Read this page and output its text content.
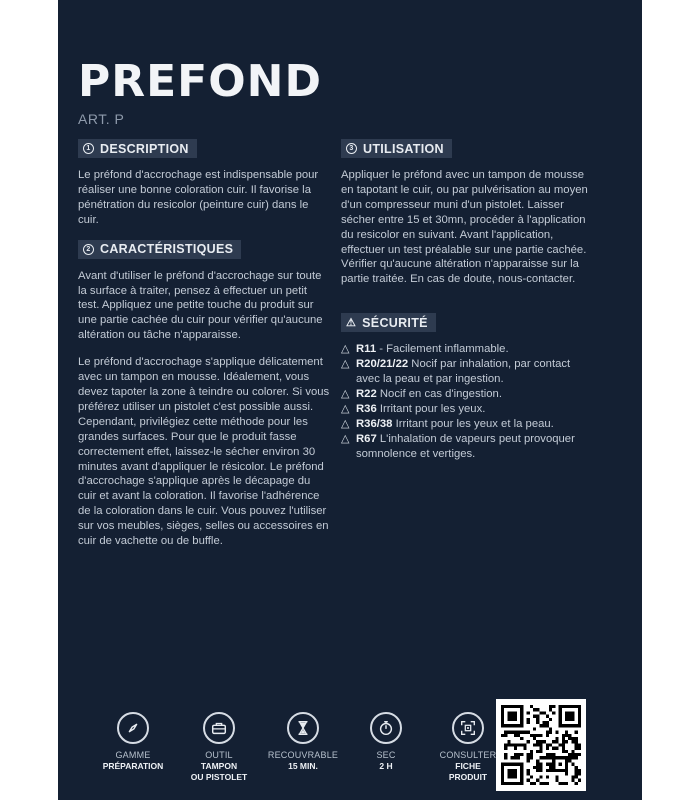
PREFOND
ART. P
1 DESCRIPTION

Le préfond d'accrochage est indispensable pour réaliser une bonne coloration cuir. Il favorise la pénétration du resicolor (peinture cuir) dans le cuir.

2 CARACTÉRISTIQUES

Avant d'utiliser le préfond d'accrochage sur toute la surface à traiter, pensez à effectuer un petit test. Appliquez une petite touche du produit sur une partie cachée du cuir pour vérifier qu'aucune altération ou tâche n'apparaisse.

Le préfond d'accrochage s'applique délicatement avec un tampon en mousse. Idéalement, vous devez tapoter la zone à teindre ou colorer. Si vous préférez utiliser un pistolet c'est possible aussi. Cependant, privilégiez cette méthode pour les grandes surfaces. Pour que le produit fasse correctement effet, laissez-le sécher environ 30 minutes avant d'appliquer le résicolor. Le préfond d'accrochage s'applique après le décapage du cuir et avant la coloration. Il favorise l'adhérence de la coloration dans le cuir. Vous pouvez l'utiliser sur vos meubles, sièges, selles ou accessoires en cuir de vachette ou de buffle.

3 UTILISATION

Appliquer le préfond avec un tampon de mousse en tapotant le cuir, ou par pulvérisation au moyen d'un compresseur muni d'un pistolet. Laisser sécher entre 15 et 30mn, procéder à l'application du resicolor en suivant. Avant l'application, effectuer un test préalable sur une partie cachée. Vérifier qu'aucune altération n'apparaisse sur la partie traitée. En cas de doute, nous-contacter.

⚠ SÉCURITÉ
△ R11 - Facilement inflammable.
△ R20/21/22 Nocif par inhalation, par contact avec la peau et par ingestion.
△ R22 Nocif en cas d'ingestion.
△ R36 Irritant pour les yeux.
△ R36/38 Irritant pour les yeux et la peau.
△ R67 L'inhalation de vapeurs peut provoquer somnolence et vertiges.
GAMME
PRÉPARATION
OUTIL
TAMPON
OU PISTOLET
RECOUVRABLE
15 MIN.
SEC
2 H
CONSULTER
FICHE
PRODUIT
